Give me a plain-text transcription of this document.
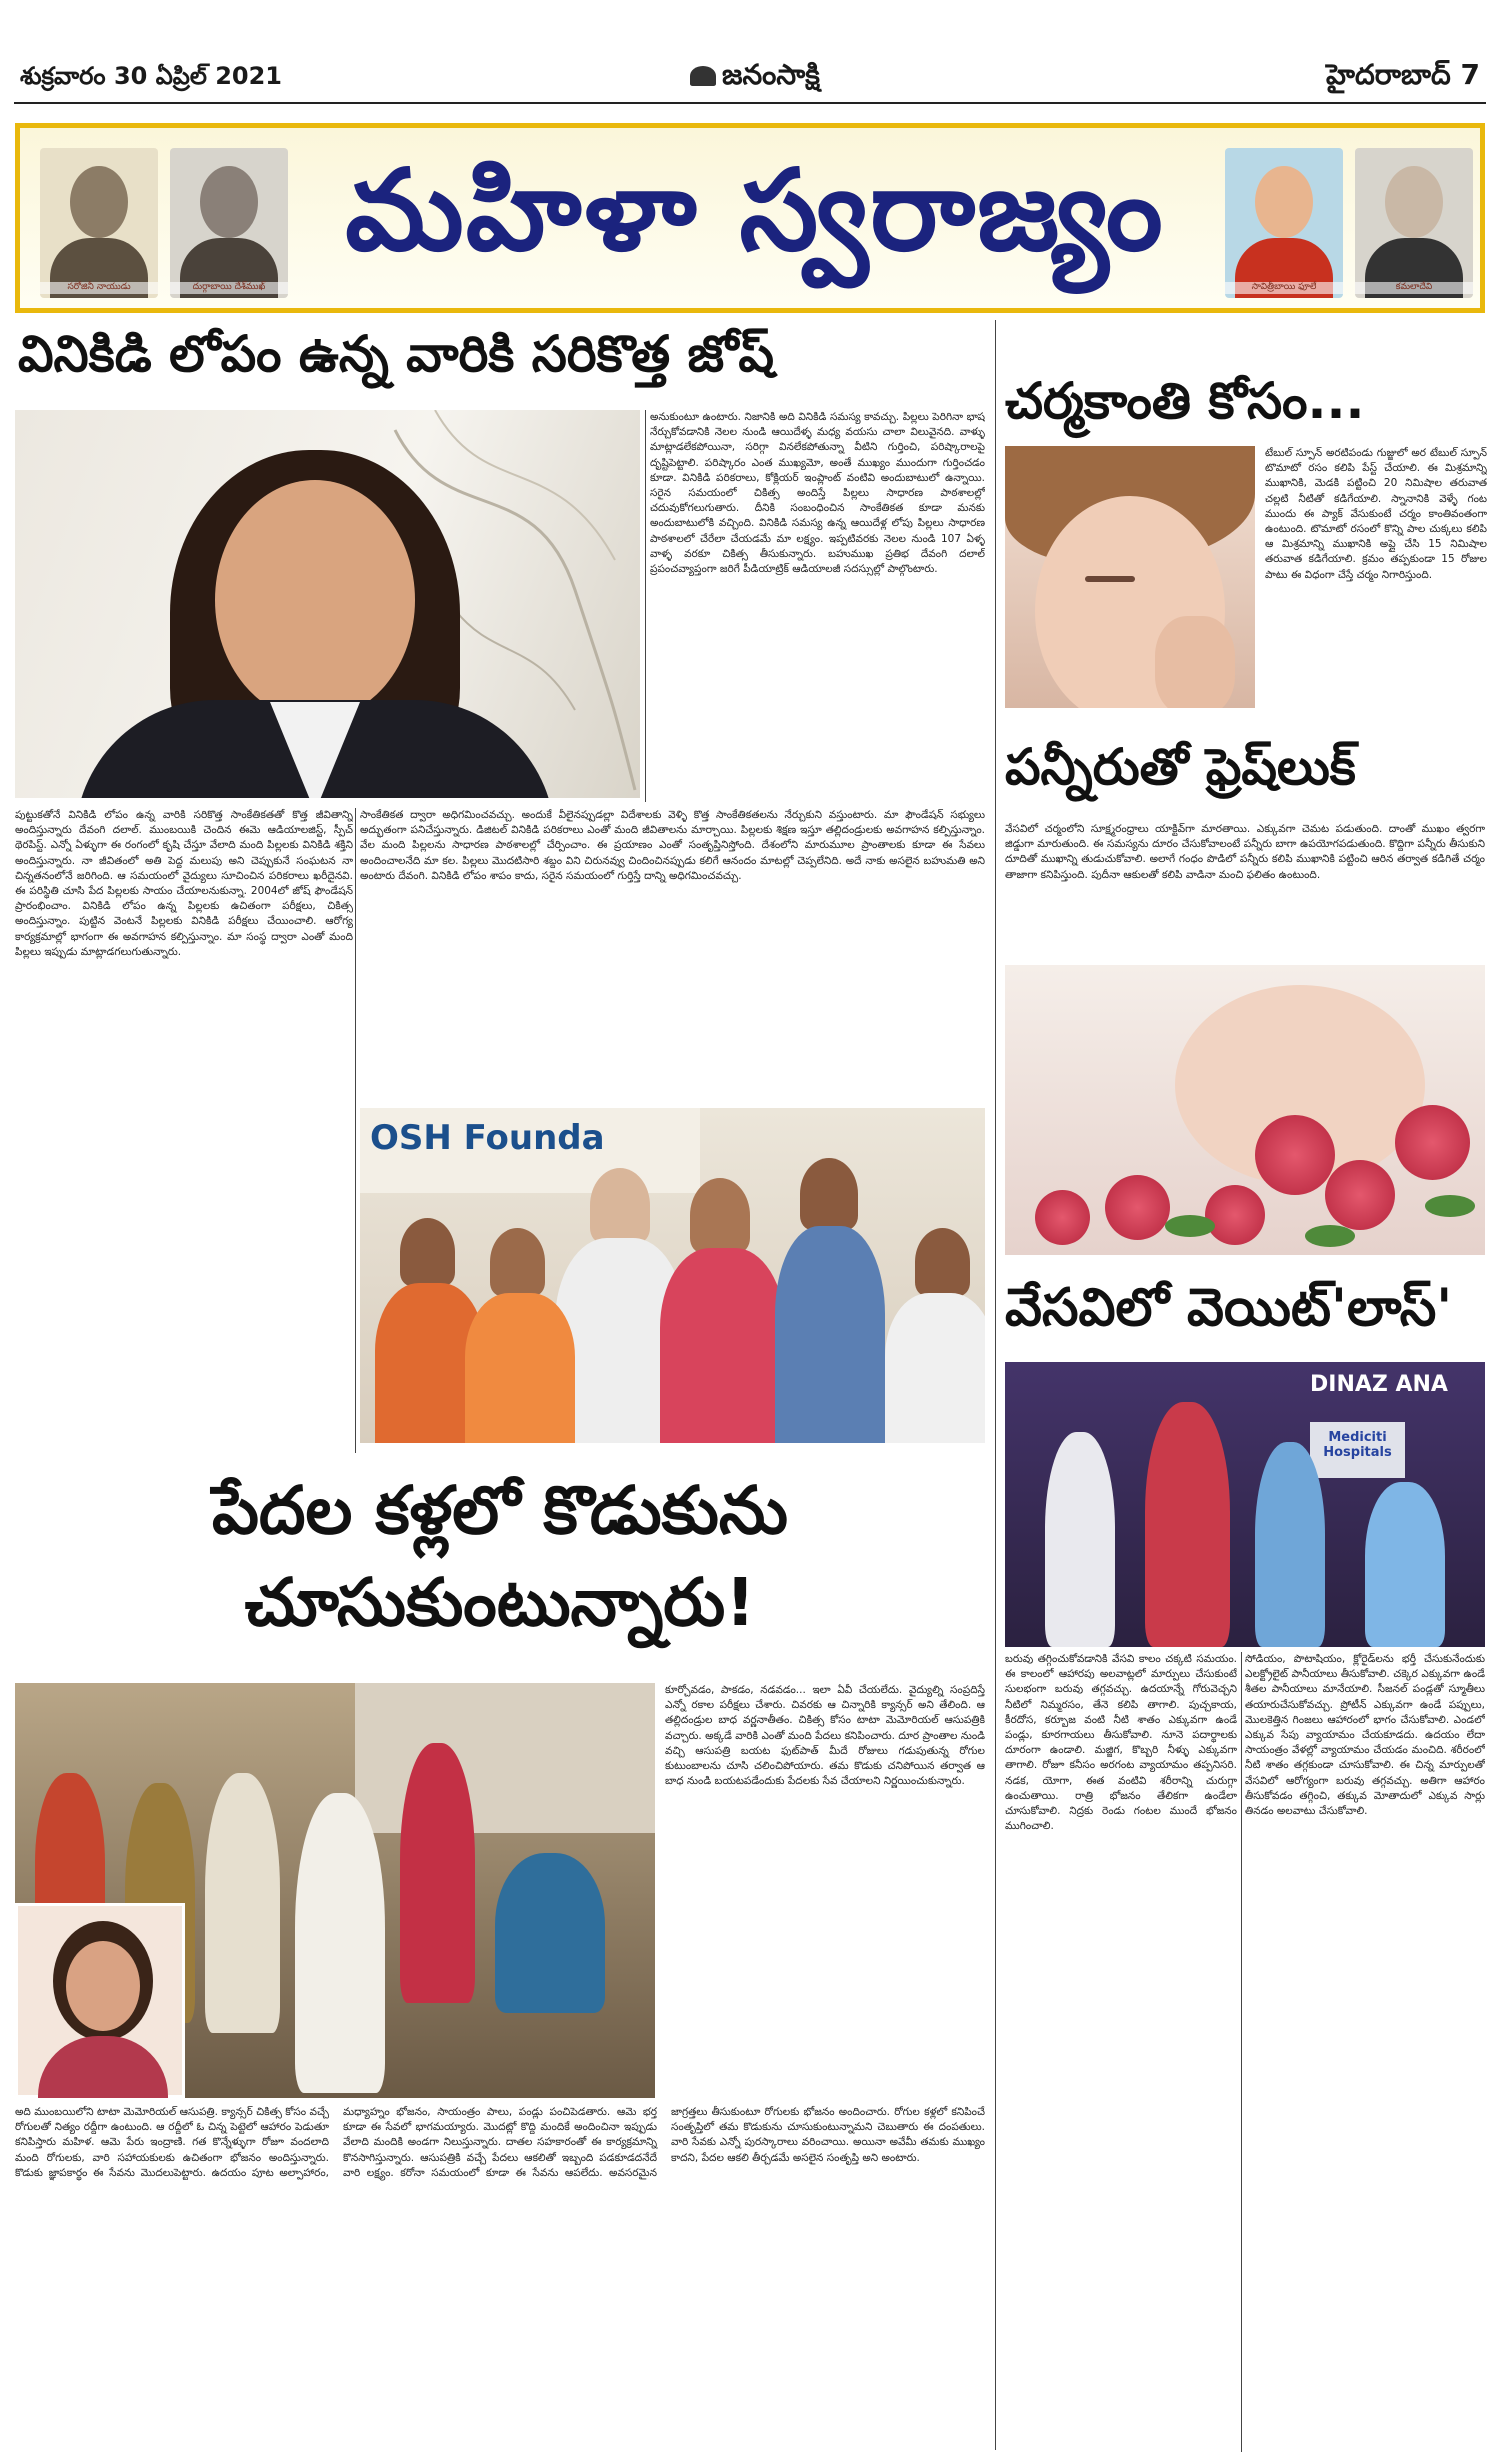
శుక్రవారం 30 ఏప్రిల్ 2021	జనంసాక్షి	హైదరాబాద్ 7
సరోజినీ నాయుడు	దుర్గాబాయి దేశ్‌ముఖ్
మహిళా స్వరాజ్యం
సావిత్రీబాయి ఫూలే	కమలాదేవి
వినికిడి లోపం ఉన్న వారికి సరికొత్త జోష్
అనుకుంటూ ఉంటారు. నిజానికి అది వినికిడి సమస్య కావచ్చు. పిల్లలు పెరిగినా భాష నేర్చుకోవడానికి నెలల నుండి ఆయిదేళ్ళ మధ్య వయసు చాలా విలువైనది. వాళ్ళు మాట్లాడలేకపోయినా, సరిగ్గా వినలేకపోతున్నా వీటిని గుర్తించి, పరిష్కారాలపై దృష్టిపెట్టాలి. పరిష్కారం ఎంత ముఖ్యమో, అంతే ముఖ్యం ముందుగా గుర్తించడం కూడా. వినికిడి పరికరాలు, కోక్లియర్ ఇంప్లాంట్ వంటివి అందుబాటులో ఉన్నాయి. సరైన సమయంలో చికిత్స అందిస్తే పిల్లలు సాధారణ పాఠశాలల్లో చదువుకోగలుగుతారు. దీనికి సంబంధించిన సాంకేతికత కూడా మనకు అందుబాటులోకి వచ్చింది. వినికిడి సమస్య ఉన్న ఆయిదేళ్ల లోపు పిల్లలు సాధారణ పాఠశాలలో చేరేలా చేయడమే మా లక్ష్యం. ఇప్పటివరకు నెలల నుండి 107 ఏళ్ళ వాళ్ళ వరకూ చికిత్స తీసుకున్నారు. బహుముఖ ప్రతిభ దేవంగి దలాల్ ప్రపంచవ్యాప్తంగా జరిగే పీడియాట్రిక్ ఆడియాలజీ సదస్సుల్లో పాల్గొంటారు.
పుట్టుకతోనే వినికిడి లోపం ఉన్న వారికి సరికొత్త సాంకేతికతతో కొత్త జీవితాన్ని అందిస్తున్నారు దేవంగి దలాల్. ముంబయికి చెందిన ఈమె ఆడియాలజిస్ట్, స్పీచ్ థెరపిస్ట్. ఎన్నో ఏళ్ళుగా ఈ రంగంలో కృషి చేస్తూ వేలాది మంది పిల్లలకు వినికిడి శక్తిని అందిస్తున్నారు. నా జీవితంలో అతి పెద్ద మలుపు అని చెప్పుకునే సంఘటన నా చిన్నతనంలోనే జరిగింది. ఆ సమయంలో వైద్యులు సూచించిన పరికరాలు ఖరీదైనవి. ఈ పరిస్థితి చూసి పేద పిల్లలకు సాయం చేయాలనుకున్నా. 2004లో జోష్ ఫౌండేషన్ ప్రారంభించాం. వినికిడి లోపం ఉన్న పిల్లలకు ఉచితంగా పరీక్షలు, చికిత్స అందిస్తున్నాం. పుట్టిన వెంటనే పిల్లలకు వినికిడి పరీక్షలు చేయించాలి. ఆరోగ్య కార్యక్రమాల్లో భాగంగా ఈ అవగాహన కల్పిస్తున్నాం. మా సంస్థ ద్వారా ఎంతో మంది పిల్లలు ఇప్పుడు మాట్లాడగలుగుతున్నారు.
సాంకేతికత ద్వారా అధిగమించవచ్చు. అందుకే వీలైనప్పుడల్లా విదేశాలకు వెళ్ళి కొత్త సాంకేతికతలను నేర్చుకుని వస్తుంటారు. మా ఫౌండేషన్ సభ్యులు అద్భుతంగా పనిచేస్తున్నారు. డిజిటల్ వినికిడి పరికరాలు ఎంతో మంది జీవితాలను మార్చాయి. పిల్లలకు శిక్షణ ఇస్తూ తల్లిదండ్రులకు అవగాహన కల్పిస్తున్నాం. వేల మంది పిల్లలను సాధారణ పాఠశాలల్లో చేర్పించాం. ఈ ప్రయాణం ఎంతో సంతృప్తినిస్తోంది. దేశంలోని మారుమూల ప్రాంతాలకు కూడా ఈ సేవలు అందించాలనేది మా కల. పిల్లలు మొదటిసారి శబ్దం విని చిరునవ్వు చిందించినప్పుడు కలిగే ఆనందం మాటల్లో చెప్పలేనిది. అదే నాకు అసలైన బహుమతి అని అంటారు దేవంగి. వినికిడి లోపం శాపం కాదు, సరైన సమయంలో గుర్తిస్తే దాన్ని అధిగమించవచ్చు.
OSH Founda
చర్మకాంతి కోసం...
టేబుల్ స్పూన్ అరటిపండు గుజ్జులో అర టేబుల్ స్పూన్ టొమాటో రసం కలిపి పేస్ట్ చేయాలి. ఈ మిశ్రమాన్ని ముఖానికి, మెడకి పట్టించి 20 నిమిషాల తరువాత చల్లటి నీటితో కడిగేయాలి. స్నానానికి వెళ్ళే గంట ముందు ఈ ప్యాక్ వేసుకుంటే చర్మం కాంతివంతంగా ఉంటుంది. టొమాటో రసంలో కొన్ని పాల చుక్కలు కలిపి ఆ మిశ్రమాన్ని ముఖానికి అప్లై చేసి 15 నిమిషాల తరువాత కడిగేయాలి. క్రమం తప్పకుండా 15 రోజుల పాటు ఈ విధంగా చేస్తే చర్మం నిగారిస్తుంది.
పన్నీరుతో ఫ్రెష్‌లుక్
వేసవిలో చర్మంలోని సూక్ష్మరంధ్రాలు యాక్టివ్‌గా మారతాయి. ఎక్కువగా చెమట పడుతుంది. దాంతో ముఖం త్వరగా జిడ్డుగా మారుతుంది. ఈ సమస్యను దూరం చేసుకోవాలంటే పన్నీరు బాగా ఉపయోగపడుతుంది. కొద్దిగా పన్నీరు తీసుకుని దూదితో ముఖాన్ని తుడుచుకోవాలి. అలాగే గంధం పొడిలో పన్నీరు కలిపి ముఖానికి పట్టించి ఆరిన తర్వాత కడిగితే చర్మం తాజాగా కనిపిస్తుంది. పుదీనా ఆకులతో కలిపి వాడినా మంచి ఫలితం ఉంటుంది.
వేసవిలో వెయిట్‌'లాస్'
DINAZ ANA
Mediciti Hospitals
బరువు తగ్గించుకోవడానికి వేసవి కాలం చక్కటి సమయం. ఈ కాలంలో ఆహారపు అలవాట్లలో మార్పులు చేసుకుంటే సులభంగా బరువు తగ్గవచ్చు. ఉదయాన్నే గోరువెచ్చని నీటిలో నిమ్మరసం, తేనె కలిపి తాగాలి. పుచ్చకాయ, కీరదోస, కర్బూజ వంటి నీటి శాతం ఎక్కువగా ఉండే పండ్లు, కూరగాయలు తీసుకోవాలి. నూనె పదార్థాలకు దూరంగా ఉండాలి. మజ్జిగ, కొబ్బరి నీళ్ళు ఎక్కువగా తాగాలి. రోజూ కనీసం అరగంట వ్యాయామం తప్పనిసరి. నడక, యోగా, ఈత వంటివి శరీరాన్ని చురుగ్గా ఉంచుతాయి. రాత్రి భోజనం తేలికగా ఉండేలా చూసుకోవాలి. నిద్రకు రెండు గంటల ముందే భోజనం ముగించాలి.
సోడియం, పొటాషియం, క్లోరైడ్‌లను భర్తీ చేసుకునేందుకు ఎలక్ట్రోలైట్ పానీయాలు తీసుకోవాలి. చక్కెర ఎక్కువగా ఉండే శీతల పానీయాలు మానేయాలి. సీజనల్ పండ్లతో స్మూతీలు తయారుచేసుకోవచ్చు. ప్రోటీన్ ఎక్కువగా ఉండే పప్పులు, మొలకెత్తిన గింజలు ఆహారంలో భాగం చేసుకోవాలి. ఎండలో ఎక్కువ సేపు వ్యాయామం చేయకూడదు. ఉదయం లేదా సాయంత్రం వేళల్లో వ్యాయామం చేయడం మంచిది. శరీరంలో నీటి శాతం తగ్గకుండా చూసుకోవాలి. ఈ చిన్న మార్పులతో వేసవిలో ఆరోగ్యంగా బరువు తగ్గవచ్చు. అతిగా ఆహారం తీసుకోవడం తగ్గించి, తక్కువ మోతాదులో ఎక్కువ సార్లు తినడం అలవాటు చేసుకోవాలి.
పేదల కళ్లలో కొడుకును చూసుకుంటున్నారు!
కూర్చోవడం, పాకడం, నడవడం... ఇలా ఏవీ చేయలేదు. వైద్యుల్ని సంప్రదిస్తే ఎన్నో రకాల పరీక్షలు చేశారు. చివరకు ఆ చిన్నారికి క్యాన్సర్ అని తేలింది. ఆ తల్లిదండ్రుల బాధ వర్ణనాతీతం. చికిత్స కోసం టాటా మెమోరియల్ ఆసుపత్రికి వచ్చారు. అక్కడే వారికి ఎంతో మంది పేదలు కనిపించారు. దూర ప్రాంతాల నుండి వచ్చి ఆసుపత్రి బయట ఫుట్‌పాత్ మీదే రోజులు గడుపుతున్న రోగుల కుటుంబాలను చూసి చలించిపోయారు. తమ కొడుకు చనిపోయిన తర్వాత ఆ బాధ నుండి బయటపడేందుకు పేదలకు సేవ చేయాలని నిర్ణయించుకున్నారు.
అది ముంబయిలోని టాటా మెమోరియల్ ఆసుపత్రి. క్యాన్సర్ చికిత్స కోసం వచ్చే రోగులతో నిత్యం రద్దీగా ఉంటుంది. ఆ రద్దీలో ఓ చిన్న పెట్టెలో ఆహారం పెడుతూ కనిపిస్తారు మహిళ. ఆమె పేరు ఇంద్రాణి. గత కొన్నేళ్ళుగా రోజూ వందలాది మంది రోగులకు, వారి సహాయకులకు ఉచితంగా భోజనం అందిస్తున్నారు. కొడుకు జ్ఞాపకార్థం ఈ సేవను మొదలుపెట్టారు. ఉదయం పూట అల్పాహారం, మధ్యాహ్నం భోజనం, సాయంత్రం పాలు, పండ్లు పంచిపెడతారు. ఆమె భర్త కూడా ఈ సేవలో భాగమయ్యారు. మొదట్లో కొద్ది మందికే అందించినా ఇప్పుడు వేలాది మందికి అండగా నిలుస్తున్నారు. దాతల సహకారంతో ఈ కార్యక్రమాన్ని కొనసాగిస్తున్నారు. ఆసుపత్రికి వచ్చే పేదలు ఆకలితో ఇబ్బంది పడకూడదనేదే వారి లక్ష్యం. కరోనా సమయంలో కూడా ఈ సేవను ఆపలేదు. అవసరమైన జాగ్రత్తలు తీసుకుంటూ రోగులకు భోజనం అందించారు. రోగుల కళ్లలో కనిపించే సంతృప్తిలో తమ కొడుకును చూసుకుంటున్నామని చెబుతారు ఈ దంపతులు. వారి సేవకు ఎన్నో పురస్కారాలు వరించాయి. అయినా అవేమీ తమకు ముఖ్యం కాదని, పేదల ఆకలి తీర్చడమే అసలైన సంతృప్తి అని అంటారు.
